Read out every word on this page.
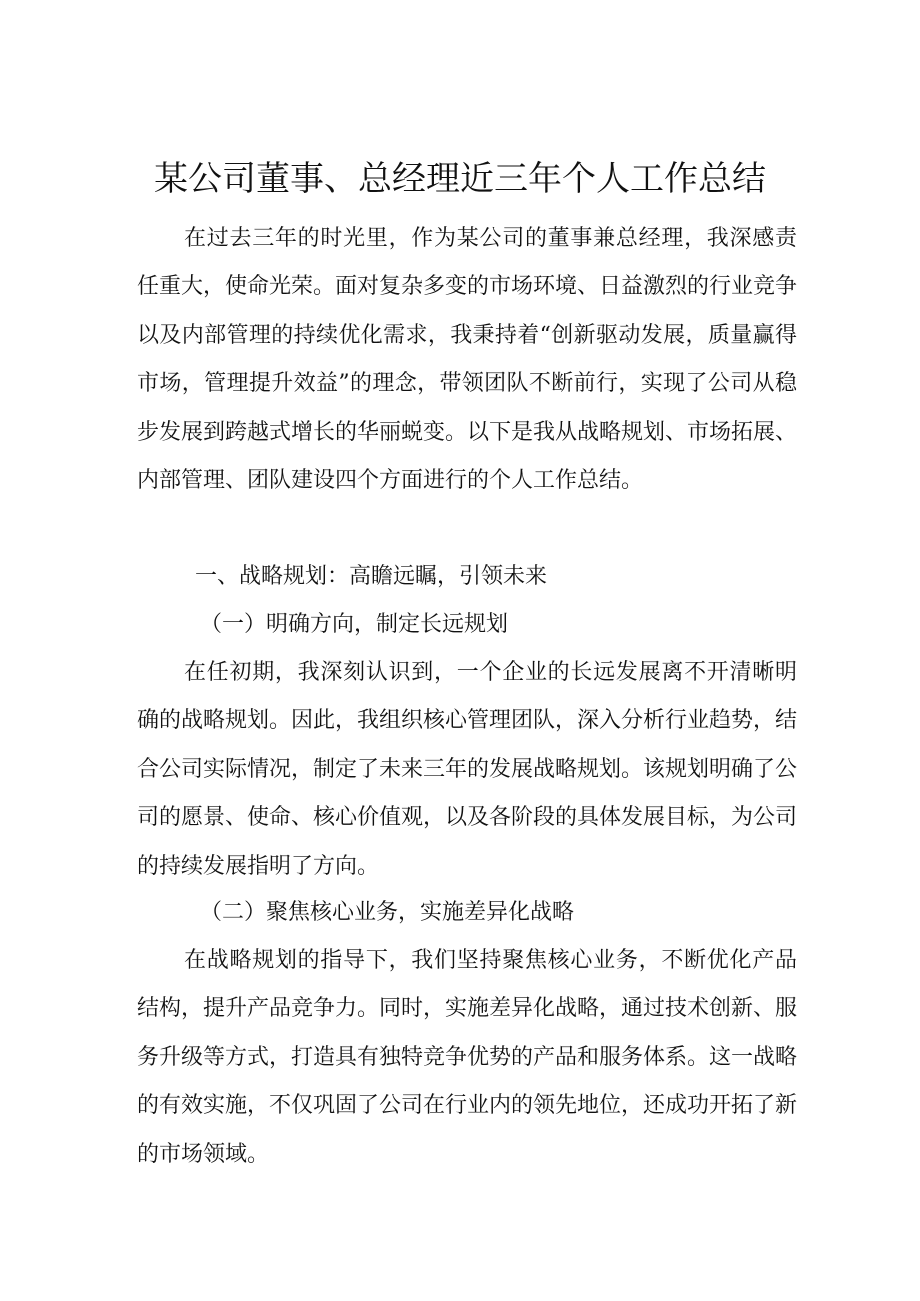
某公司董事、总经理近三年个人工作总结

在过去三年的时光里，作为某公司的董事兼总经理，我深感责任重大，使命光荣。面对复杂多变的市场环境、日益激烈的行业竞争以及内部管理的持续优化需求，我秉持着“创新驱动发展，质量赢得市场，管理提升效益”的理念，带领团队不断前行，实现了公司从稳步发展到跨越式增长的华丽蜕变。以下是我从战略规划、市场拓展、内部管理、团队建设四个方面进行的个人工作总结。

一、战略规划：高瞻远瞩，引领未来

（一）明确方向，制定长远规划

在任初期，我深刻认识到，一个企业的长远发展离不开清晰明确的战略规划。因此，我组织核心管理团队，深入分析行业趋势，结合公司实际情况，制定了未来三年的发展战略规划。该规划明确了公司的愿景、使命、核心价值观，以及各阶段的具体发展目标，为公司的持续发展指明了方向。

（二）聚焦核心业务，实施差异化战略

在战略规划的指导下，我们坚持聚焦核心业务，不断优化产品结构，提升产品竞争力。同时，实施差异化战略，通过技术创新、服务升级等方式，打造具有独特竞争优势的产品和服务体系。这一战略的有效实施，不仅巩固了公司在行业内的领先地位，还成功开拓了新的市场领域。
